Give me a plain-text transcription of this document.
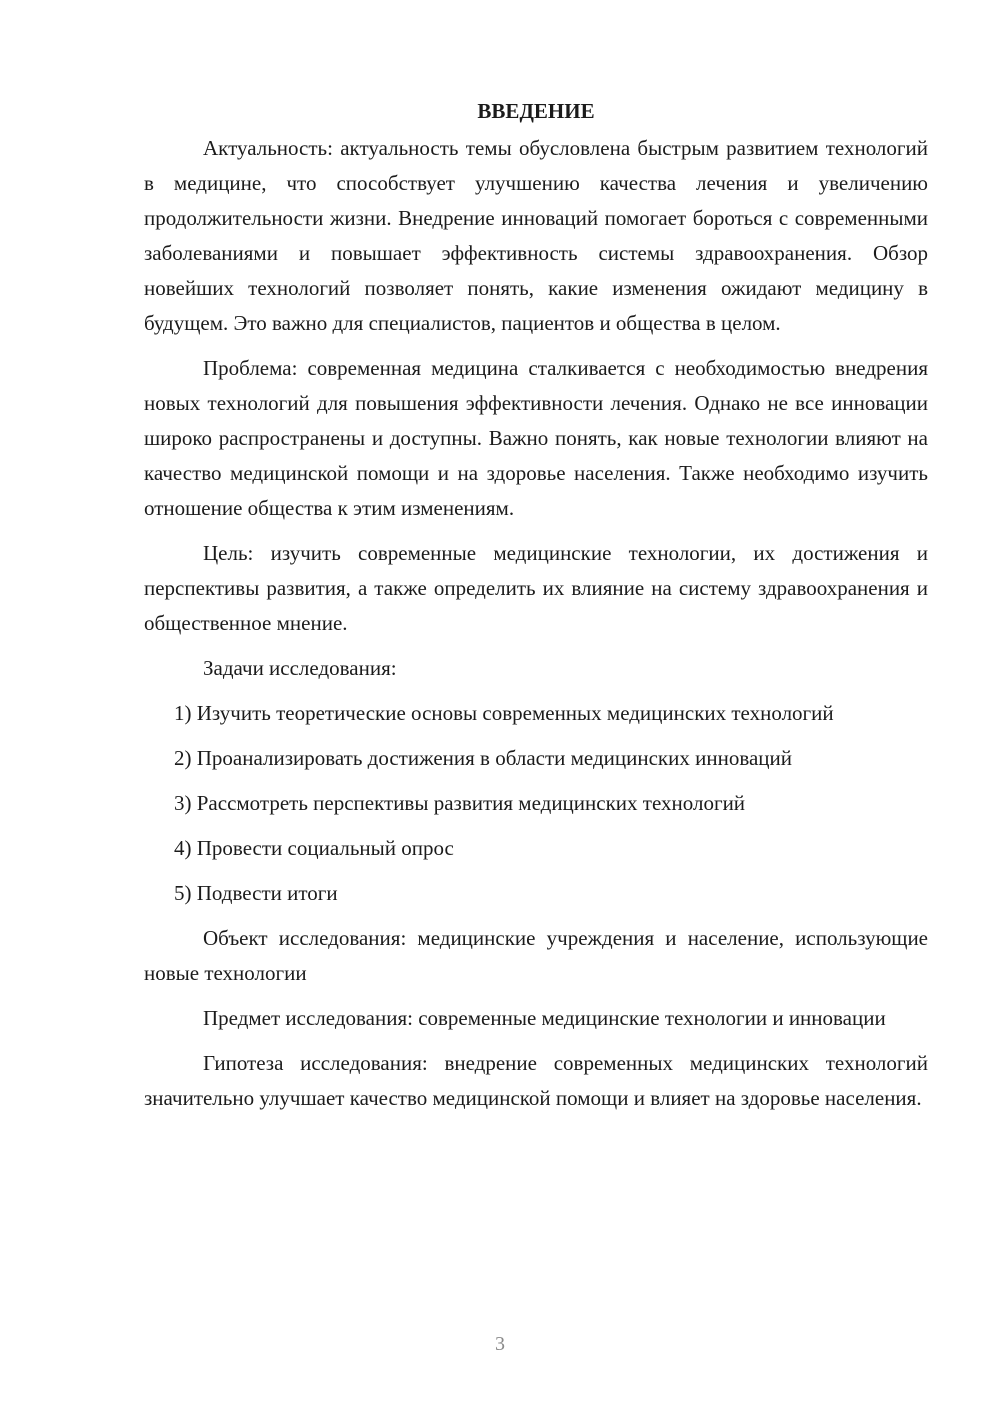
ВВЕДЕНИЕ

Актуальность: актуальность темы обусловлена быстрым развитием технологий в медицине, что способствует улучшению качества лечения и увеличению продолжительности жизни. Внедрение инноваций помогает бороться с современными заболеваниями и повышает эффективность системы здравоохранения. Обзор новейших технологий позволяет понять, какие изменения ожидают медицину в будущем. Это важно для специалистов, пациентов и общества в целом.

Проблема: современная медицина сталкивается с необходимостью внедрения новых технологий для повышения эффективности лечения. Однако не все инновации широко распространены и доступны. Важно понять, как новые технологии влияют на качество медицинской помощи и на здоровье населения. Также необходимо изучить отношение общества к этим изменениям.

Цель: изучить современные медицинские технологии, их достижения и перспективы развития, а также определить их влияние на систему здравоохранения и общественное мнение.

Задачи исследования:

1) Изучить теоретические основы современных медицинских технологий

2) Проанализировать достижения в области медицинских инноваций

3) Рассмотреть перспективы развития медицинских технологий

4) Провести социальный опрос

5) Подвести итоги

Объект исследования: медицинские учреждения и население, использующие новые технологии

Предмет исследования: современные медицинские технологии и инновации

Гипотеза исследования: внедрение современных медицинских технологий значительно улучшает качество медицинской помощи и влияет на здоровье населения.

3
